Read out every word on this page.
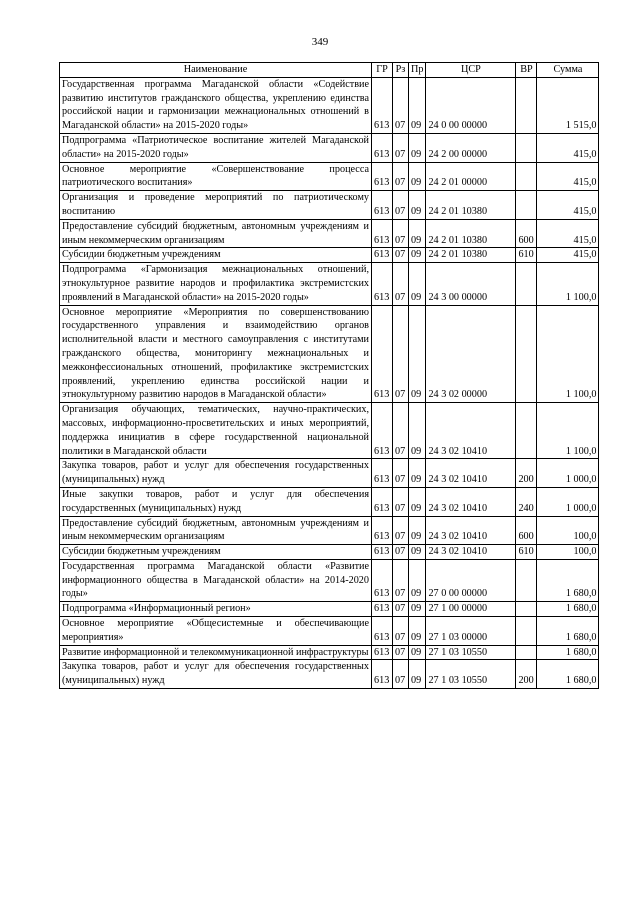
349
Наименование	ГР	Рз	Пр	ЦСР	ВР	Сумма
Государственная программа Магаданской области «Содействие развитию институтов гражданского общества, укреплению единства российской нации и гармонизации межнациональных отношений в Магаданской области» на 2015-2020 годы»	613	07	09	24 0 00 00000		1 515,0
Подпрограмма «Патриотическое воспитание жителей Магаданской области» на 2015-2020 годы»	613	07	09	24 2 00 00000		415,0
Основное мероприятие «Совершенствование процесса патриотического воспитания»	613	07	09	24 2 01 00000		415,0
Организация и проведение мероприятий по патриотическому воспитанию	613	07	09	24 2 01 10380		415,0
Предоставление субсидий бюджетным, автономным учреждениям и иным некоммерческим организациям	613	07	09	24 2 01 10380	600	415,0
Субсидии бюджетным учреждениям	613	07	09	24 2 01 10380	610	415,0
Подпрограмма «Гармонизация межнациональных отношений, этнокультурное развитие народов и профилактика экстремистских проявлений в Магаданской области» на 2015-2020 годы»	613	07	09	24 3 00 00000		1 100,0
Основное мероприятие «Мероприятия по совершенствованию государственного управления и взаимодействию органов исполнительной власти и местного самоуправления с институтами гражданского общества, мониторингу межнациональных и межконфессиональных отношений, профилактике экстремистских проявлений, укреплению единства российской нации и этнокультурному развитию народов в Магаданской области»	613	07	09	24 3 02 00000		1 100,0
Организация обучающих, тематических, научно-практических, массовых, информационно-просветительских и иных мероприятий, поддержка инициатив в сфере государственной национальной политики в Магаданской области	613	07	09	24 3 02 10410		1 100,0
Закупка товаров, работ и услуг для обеспечения государственных (муниципальных) нужд	613	07	09	24 3 02 10410	200	1 000,0
Иные закупки товаров, работ и услуг для обеспечения государственных (муниципальных) нужд	613	07	09	24 3 02 10410	240	1 000,0
Предоставление субсидий бюджетным, автономным учреждениям и иным некоммерческим организациям	613	07	09	24 3 02 10410	600	100,0
Субсидии бюджетным учреждениям	613	07	09	24 3 02 10410	610	100,0
Государственная программа Магаданской области «Развитие информационного общества в Магаданской области» на 2014-2020 годы»	613	07	09	27 0 00 00000		1 680,0
Подпрограмма «Информационный регион»	613	07	09	27 1 00 00000		1 680,0
Основное мероприятие «Общесистемные и обеспечивающие мероприятия»	613	07	09	27 1 03 00000		1 680,0
Развитие информационной и телекоммуникационной инфраструктуры	613	07	09	27 1 03 10550		1 680,0
Закупка товаров, работ и услуг для обеспечения государственных (муниципальных) нужд	613	07	09	27 1 03 10550	200	1 680,0
